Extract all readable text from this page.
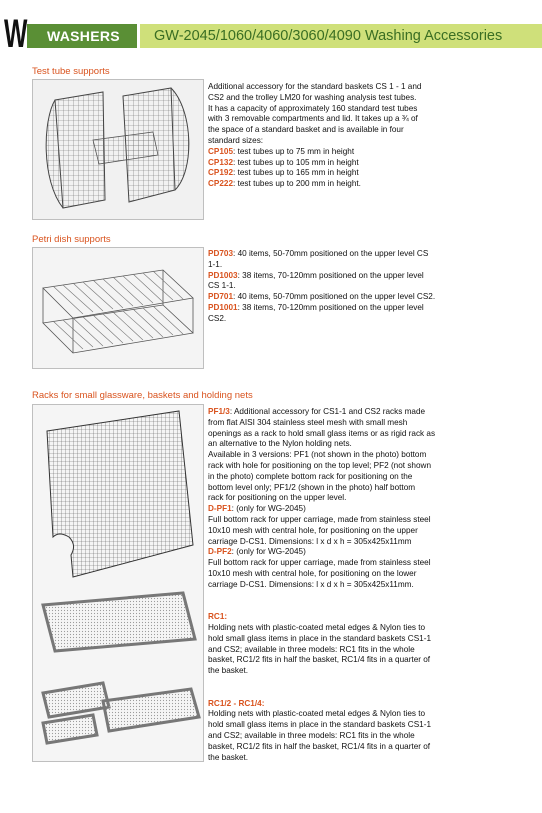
W	WASHERS	GW-2045/1060/4060/3060/4090 Washing Accessories
Test tube supports

Additional accessory for the standard baskets CS 1 - 1 and

CS2 and the trolley LM20 for washing analysis test tubes.

It has a capacity of approximately 160 standard test tubes

with 3 removable compartments and lid. It takes up a ¾ of

the space of a standard basket and is available in four

standard sizes:

CP105: test tubes up to 75 mm in height

CP132: test tubes up to 105 mm in height

CP192: test tubes up to 165 mm in height

CP222: test tubes up to 200 mm in height.

Petri dish supports

PD703: 40 items, 50-70mm positioned on the upper level CS

1-1.

PD1003: 38 items, 70-120mm positioned on the upper level

CS 1-1.

PD701: 40 items, 50-70mm positioned on the upper level CS2.

PD1001: 38 items, 70-120mm positioned on the upper level

CS2.

Racks for small glassware, baskets and holding nets

PF1/3: Additional accessory for CS1-1 and CS2 racks made

from flat AISI 304 stainless steel mesh with small mesh

openings as a rack to hold small glass items or as rigid rack as

an alternative to the Nylon holding nets.

Available in 3 versions: PF1 (not shown in the photo) bottom

rack with hole for positioning on the top level; PF2 (not shown

in the photo) complete bottom rack for positioning on the

bottom level only; PF1/2 (shown in the photo) half bottom

rack for positioning on the upper level.

D-PF1: (only for WG-2045)

Full bottom rack for upper carriage, made from stainless steel

10x10 mesh with central hole, for positioning on the upper

carriage D-CS1. Dimensions: l x d x h = 305x425x11mm

D-PF2: (only for WG-2045)

Full bottom rack for upper carriage, made from stainless steel

10x10 mesh with central hole, for positioning on the lower

carriage D-CS1. Dimensions: l x d x h = 305x425x11mm.

RC1:

Holding nets with plastic-coated metal edges & Nylon ties to

hold small glass items in place in the standard baskets CS1-1

and CS2; available in three models: RC1 fits in the whole

basket, RC1/2 fits in half the basket, RC1/4 fits in a quarter of

the basket.

RC1/2 - RC1/4:

Holding nets with plastic-coated metal edges & Nylon ties to

hold small glass items in place in the standard baskets CS1-1

and CS2; available in three models: RC1 fits in the whole

basket, RC1/2 fits in half the basket, RC1/4 fits in a quarter of

the basket.
